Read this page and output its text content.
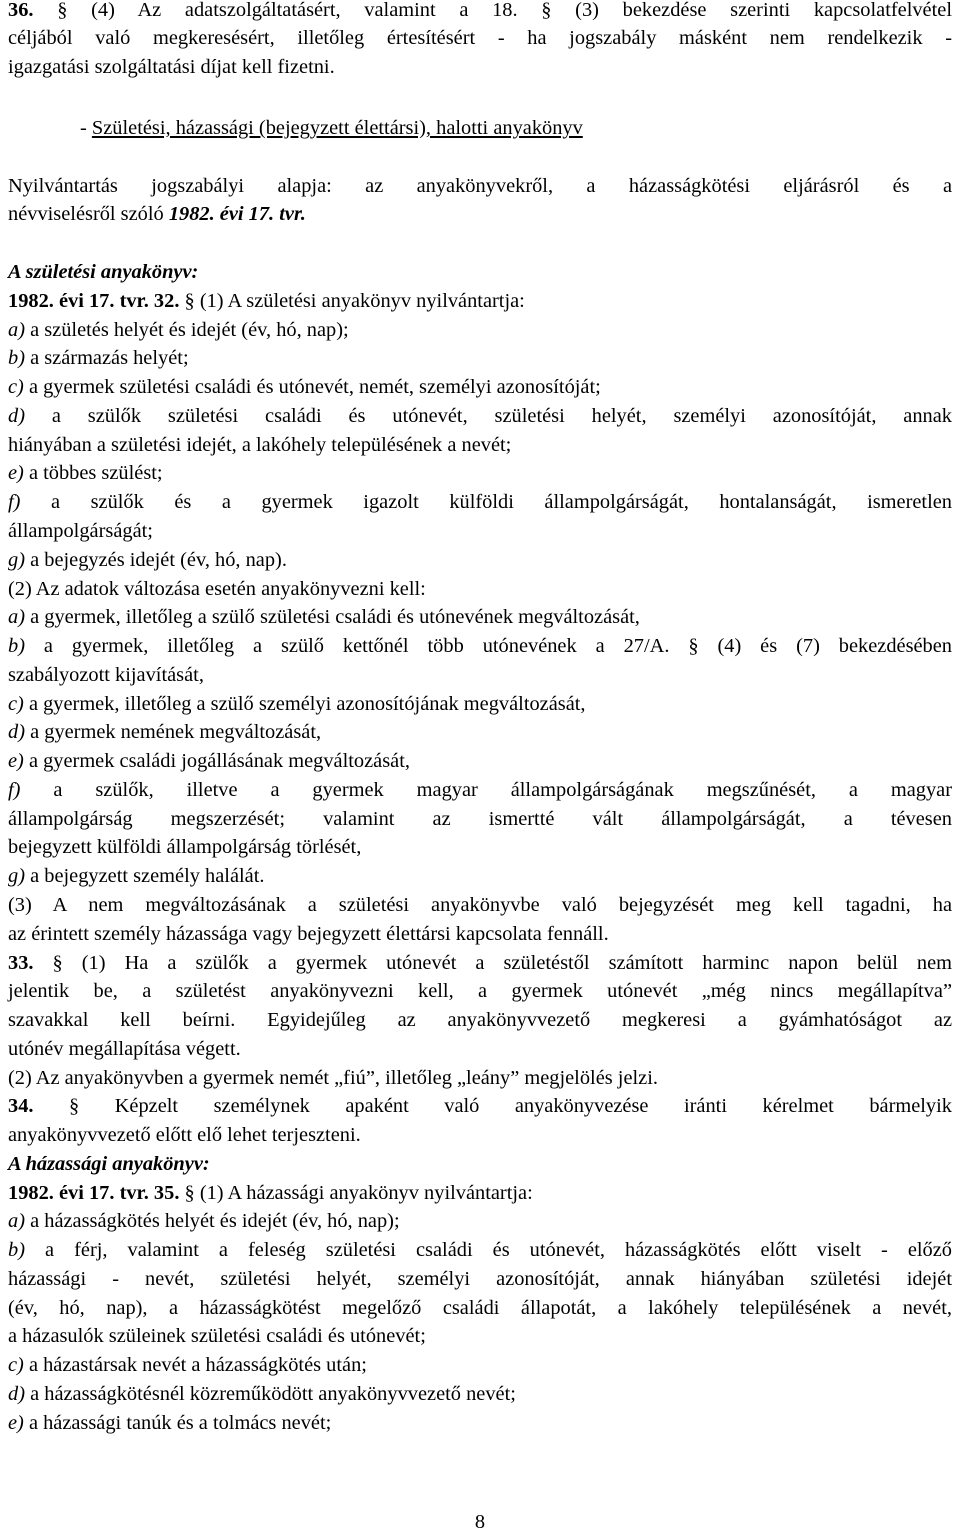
36. § (4) Az adatszolgáltatásért, valamint a 18. § (3) bekezdése szerinti kapcsolatfelvétel
céljából való megkeresésért, illetőleg értesítésért - ha jogszabály másként nem rendelkezik -
igazgatási szolgáltatási díjat kell fizetni.
- Születési, házassági (bejegyzett élettársi), halotti anyakönyv
Nyilvántartás jogszabályi alapja: az anyakönyvekről, a házasságkötési eljárásról és a
névviselésről szóló 1982. évi 17. tvr.
A születési anyakönyv:
1982. évi 17. tvr. 32. § (1) A születési anyakönyv nyilvántartja:
a) a születés helyét és idejét (év, hó, nap);
b) a származás helyét;
c) a gyermek születési családi és utónevét, nemét, személyi azonosítóját;
d) a szülők születési családi és utónevét, születési helyét, személyi azonosítóját, annak
hiányában a születési idejét, a lakóhely településének a nevét;
e) a többes szülést;
f) a szülők és a gyermek igazolt külföldi állampolgárságát, hontalanságát, ismeretlen
állampolgárságát;
g) a bejegyzés idejét (év, hó, nap).
(2) Az adatok változása esetén anyakönyvezni kell:
a) a gyermek, illetőleg a szülő születési családi és utónevének megváltozását,
b) a gyermek, illetőleg a szülő kettőnél több utónevének a 27/A. § (4) és (7) bekezdésében
szabályozott kijavítását,
c) a gyermek, illetőleg a szülő személyi azonosítójának megváltozását,
d) a gyermek nemének megváltozását,
e) a gyermek családi jogállásának megváltozását,
f) a szülők, illetve a gyermek magyar állampolgárságának megszűnését, a magyar
állampolgárság megszerzését; valamint az ismertté vált állampolgárságát, a tévesen
bejegyzett külföldi állampolgárság törlését,
g) a bejegyzett személy halálát.
(3) A nem megváltozásának a születési anyakönyvbe való bejegyzését meg kell tagadni, ha
az érintett személy házassága vagy bejegyzett élettársi kapcsolata fennáll.
33. § (1) Ha a szülők a gyermek utónevét a születéstől számított harminc napon belül nem
jelentik be, a születést anyakönyvezni kell, a gyermek utónevét „még nincs megállapítva”
szavakkal kell beírni. Egyidejűleg az anyakönyvvezető megkeresi a gyámhatóságot az
utónév megállapítása végett.
(2) Az anyakönyvben a gyermek nemét „fiú”, illetőleg „leány” megjelölés jelzi.
34. § Képzelt személynek apaként való anyakönyvezése iránti kérelmet bármelyik
anyakönyvvezető előtt elő lehet terjeszteni.
A házassági anyakönyv:
1982. évi 17. tvr. 35. § (1) A házassági anyakönyv nyilvántartja:
a) a házasságkötés helyét és idejét (év, hó, nap);
b) a férj, valamint a feleség születési családi és utónevét, házasságkötés előtt viselt - előző
házassági - nevét, születési helyét, személyi azonosítóját, annak hiányában születési idejét
(év, hó, nap), a házasságkötést megelőző családi állapotát, a lakóhely településének a nevét,
a házasulók szüleinek születési családi és utónevét;
c) a házastársak nevét a házasságkötés után;
d) a házasságkötésnél közreműködött anyakönyvvezető nevét;
e) a házassági tanúk és a tolmács nevét;
8
